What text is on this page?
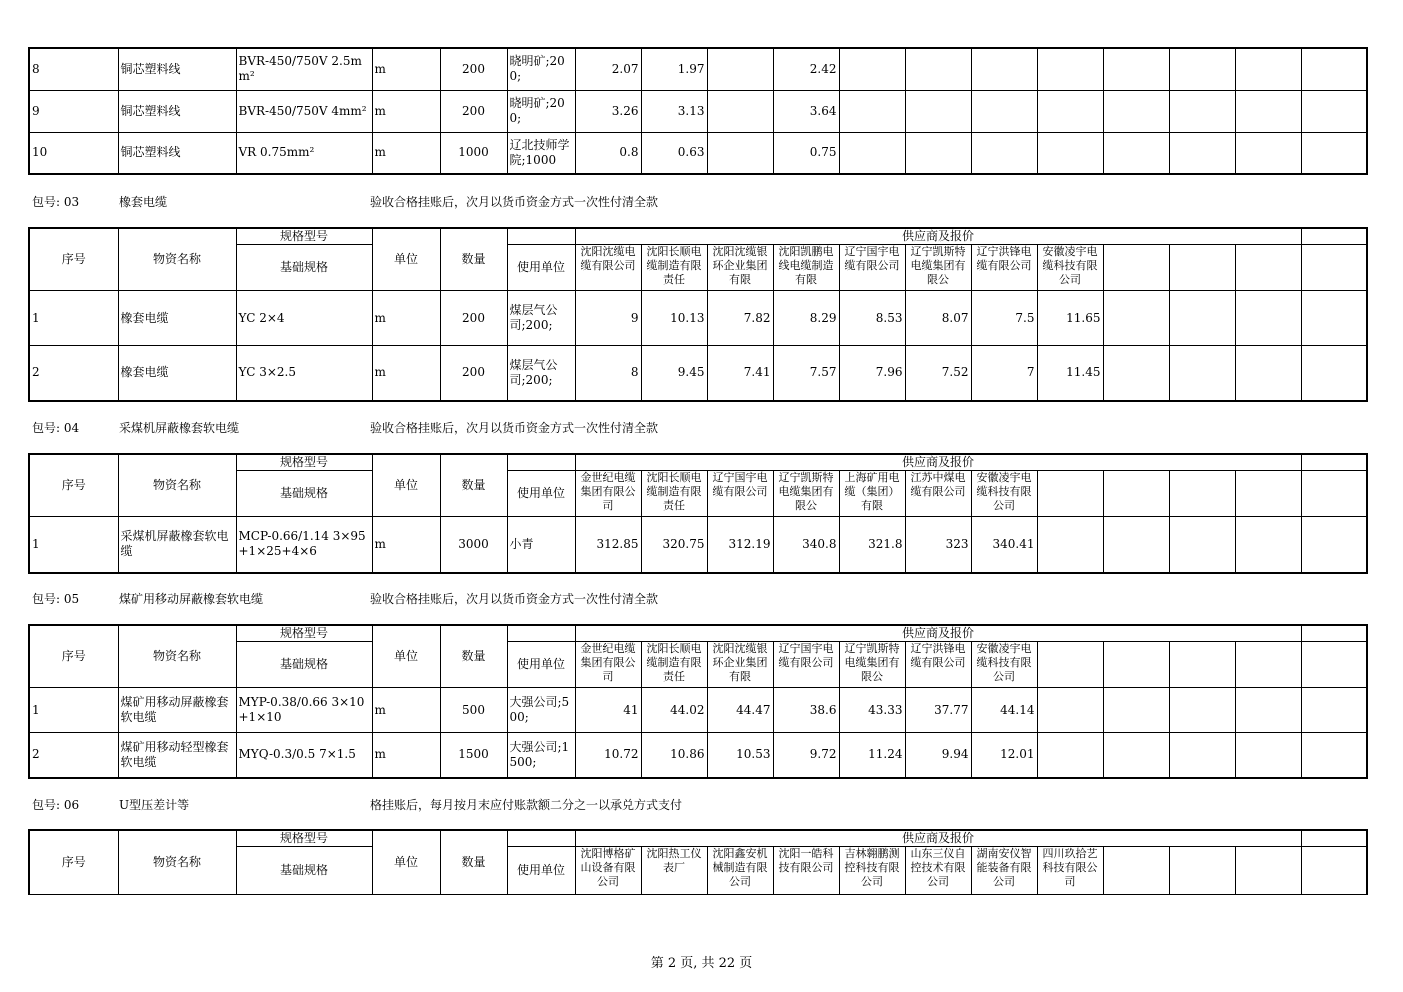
8	铜芯塑料线	BVR-450/750V 2.5mm²	m	200	晓明矿;200;	2.07	1.97		2.42								
9	铜芯塑料线	BVR-450/750V 4mm²	m	200	晓明矿;200;	3.26	3.13		3.64								
10	铜芯塑料线	VR 0.75mm²	m	1000	辽北技师学院;1000	0.8	0.63		0.75								
包号: 03	橡套电缆	验收合格挂账后，次月以货币资金方式一次性付清全款
序号	物资名称	规格型号	单位	数量		供应商及报价											
		基础规格			使用单位	沈阳沈缆电缆有限公司	沈阳长顺电缆制造有限责任	沈阳沈缆银环企业集团有限	沈阳凯鹏电线电缆制造有限	辽宁国宇电缆有限公司	辽宁凯斯特电缆集团有限公	辽宁洪锋电缆有限公司	安徽凌宇电缆科技有限公司				
1	橡套电缆	YC 2×4	m	200	煤层气公司;200;	9	10.13	7.82	8.29	8.53	8.07	7.5	11.65				
2	橡套电缆	YC 3×2.5	m	200	煤层气公司;200;	8	9.45	7.41	7.57	7.96	7.52	7	11.45				
包号: 04	采煤机屏蔽橡套软电缆	验收合格挂账后，次月以货币资金方式一次性付清全款
序号	物资名称	规格型号	单位	数量		供应商及报价											
		基础规格			使用单位	金世纪电缆集团有限公司	沈阳长顺电缆制造有限责任	辽宁国宇电缆有限公司	辽宁凯斯特电缆集团有限公	上海矿用电缆（集团）有限	江苏中煤电缆有限公司	安徽凌宇电缆科技有限公司					
1	采煤机屏蔽橡套软电缆	MCP-0.66/1.14 3×95+1×25+4×6	m	3000	小青	312.85	320.75	312.19	340.8	321.8	323	340.41					
包号: 05	煤矿用移动屏蔽橡套软电缆	验收合格挂账后，次月以货币资金方式一次性付清全款
序号	物资名称	规格型号	单位	数量		供应商及报价											
		基础规格			使用单位	金世纪电缆集团有限公司	沈阳长顺电缆制造有限责任	沈阳沈缆银环企业集团有限	辽宁国宇电缆有限公司	辽宁凯斯特电缆集团有限公	辽宁洪锋电缆有限公司	安徽凌宇电缆科技有限公司					
1	煤矿用移动屏蔽橡套软电缆	MYP-0.38/0.66 3×10+1×10	m	500	大强公司;500;	41	44.02	44.47	38.6	43.33	37.77	44.14					
2	煤矿用移动轻型橡套软电缆	MYQ-0.3/0.5 7×1.5	m	1500	大强公司;1500;	10.72	10.86	10.53	9.72	11.24	9.94	12.01					
包号: 06	U型压差计等	格挂账后，每月按月末应付账款额二分之一以承兑方式支付
序号	物资名称	规格型号	单位	数量		供应商及报价											
		基础规格			使用单位	沈阳博格矿山设备有限公司	沈阳热工仪表厂	沈阳鑫安机械制造有限公司	沈阳一皓科技有限公司	吉林翱鹏测控科技有限公司	山东三仪自控技术有限公司	湖南安仪智能装备有限公司	四川玖拾艺科技有限公司				
第 2 页, 共 22 页
